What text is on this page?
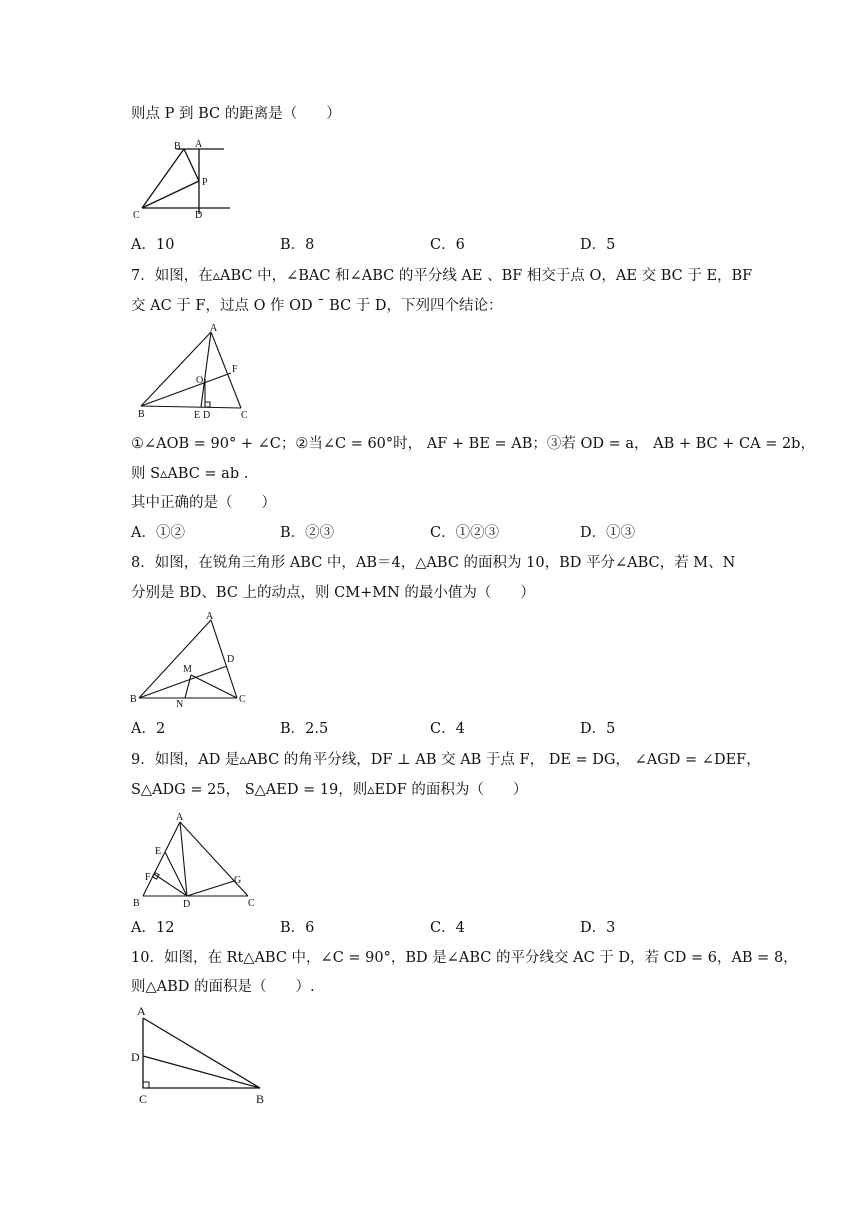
则点 P 到 BC 的距离是（　　）
B A
P
C	D
A．10	B．8	C．6	D．5
7．如图，在▵ABC 中，∠BAC 和∠ABC 的平分线 AE 、BF 相交于点 O，AE 交 BC 于 E，BF
交 AC 于 F，过点 O 作 OD ˉ BC 于 D，下列四个结论：
A
B	C
O
F
E D
①∠AOB = 90° + ∠C；②当∠C = 60°时， AF + BE = AB；③若 OD = a， AB + BC + CA = 2b，
则 S▵ABC = ab .
其中正确的是（　　）
A．①②	B．②③	C．①②③	D．①③
8．如图，在锐角三角形 ABC 中，AB＝4，△ABC 的面积为 10，BD 平分∠ABC，若 M、N
分别是 BD、BC 上的动点，则 CM+MN 的最小值为（　　）
A
B	C
D
M
N
A．2	B．2.5	C．4	D．5
9．如图，AD 是▵ABC 的角平分线，DF ⊥ AB 交 AB 于点 F， DE = DG， ∠AGD = ∠DEF，
S△ADG = 25， S△AED = 19，则▵EDF 的面积为（　　）
A
E
F
B	D
G
C
A．12	B．6	C．4	D．3
10．如图，在 Rt△ABC 中，∠C = 90°，BD 是∠ABC 的平分线交 AC 于 D，若 CD = 6，AB = 8，
则△ABD 的面积是（　　）.
A
D
C	B
